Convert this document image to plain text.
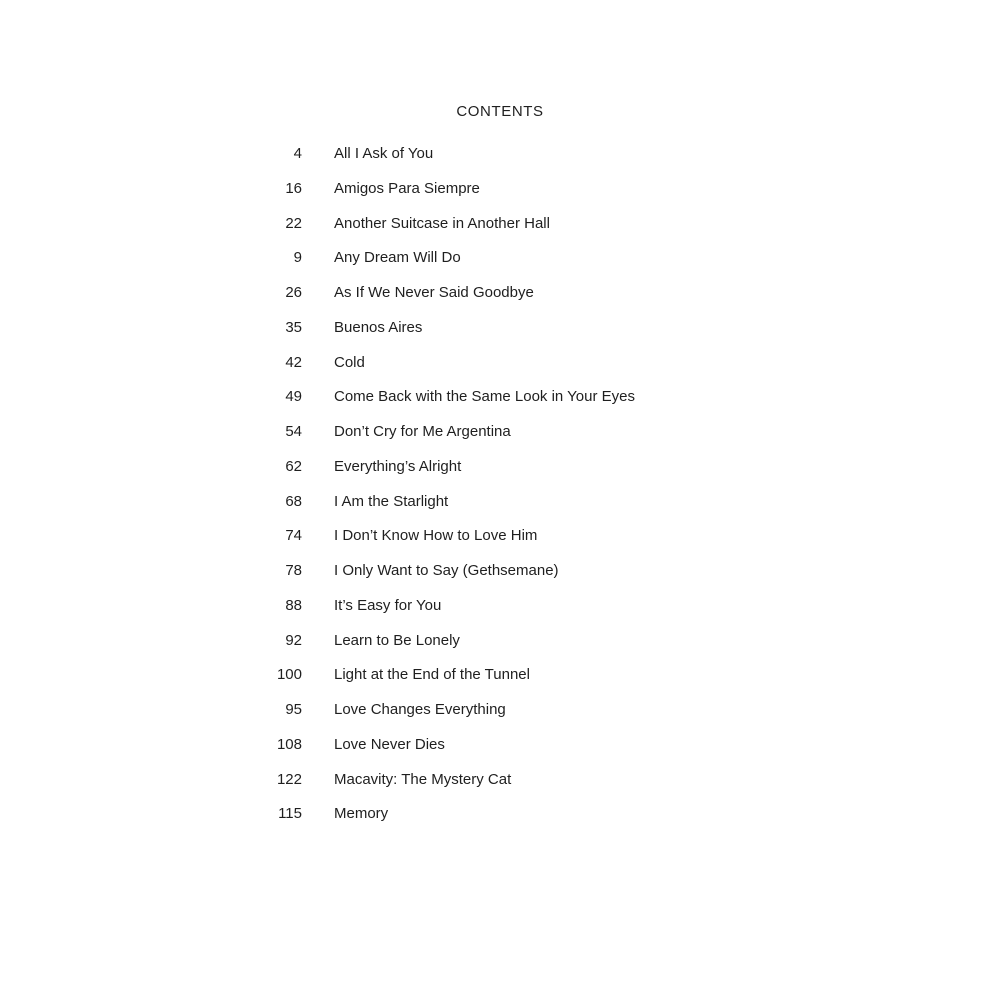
CONTENTS
4 All I Ask of You
16 Amigos Para Siempre
22 Another Suitcase in Another Hall
9 Any Dream Will Do
26 As If We Never Said Goodbye
35 Buenos Aires
42 Cold
49 Come Back with the Same Look in Your Eyes
54 Don’t Cry for Me Argentina
62 Everything’s Alright
68 I Am the Starlight
74 I Don’t Know How to Love Him
78 I Only Want to Say (Gethsemane)
88 It’s Easy for You
92 Learn to Be Lonely
100 Light at the End of the Tunnel
95 Love Changes Everything
108 Love Never Dies
122 Macavity: The Mystery Cat
115 Memory
